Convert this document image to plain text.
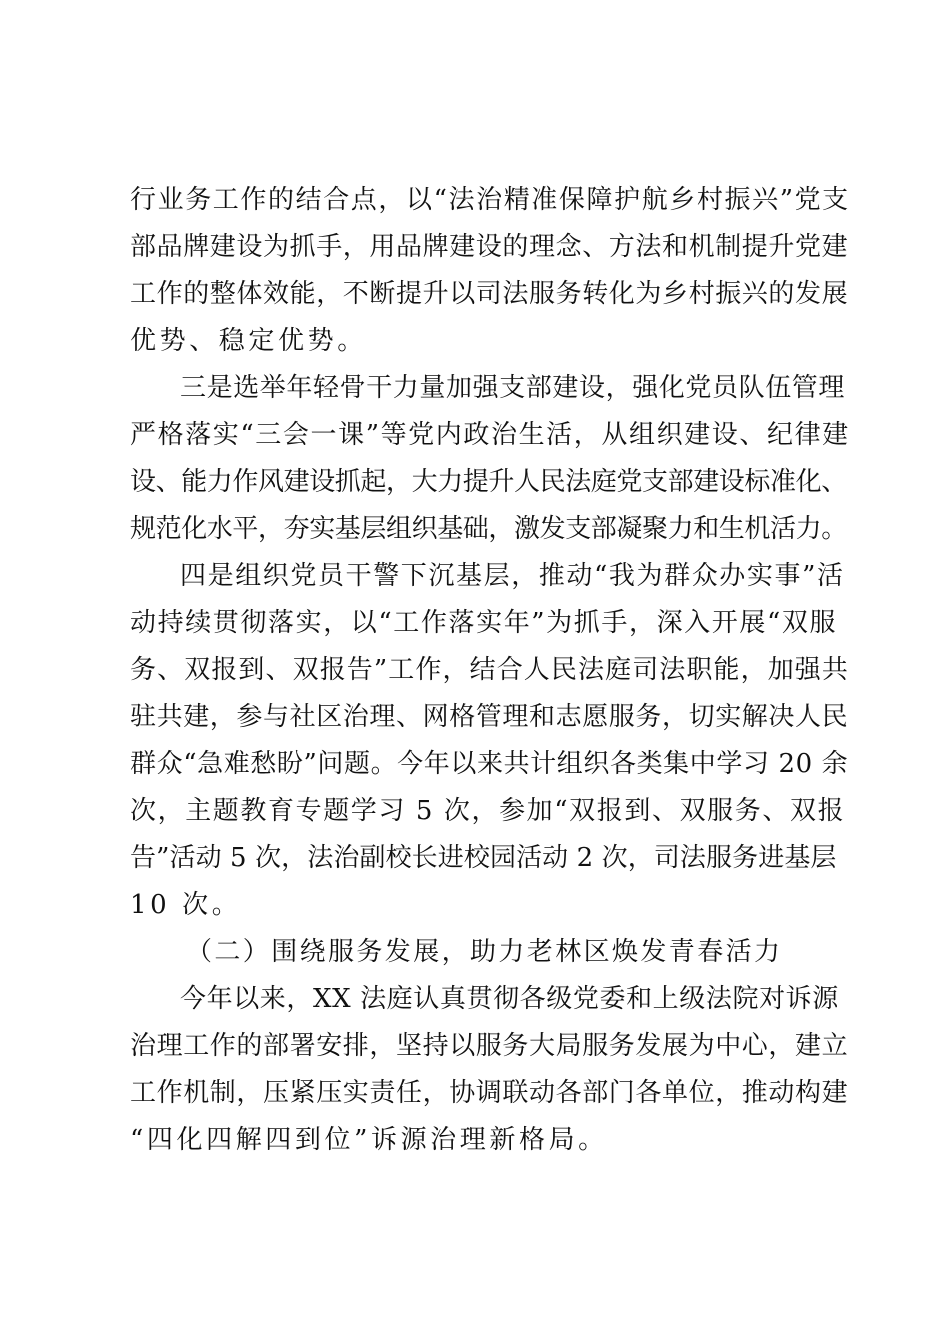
行业务工作的结合点，以“法治精准保障护航乡村振兴”党支
部品牌建设为抓手，用品牌建设的理念、方法和机制提升党建
工作的整体效能，不断提升以司法服务转化为乡村振兴的发展
优势、稳定优势。
三是选举年轻骨干力量加强支部建设，强化党员队伍管理
严格落实“三会一课”等党内政治生活，从组织建设、纪律建
设、能力作风建设抓起，大力提升人民法庭党支部建设标准化、
规范化水平，夯实基层组织基础，激发支部凝聚力和生机活力。
四是组织党员干警下沉基层，推动“我为群众办实事”活
动持续贯彻落实，以“工作落实年”为抓手，深入开展“双服
务、双报到、双报告”工作，结合人民法庭司法职能，加强共
驻共建，参与社区治理、网格管理和志愿服务，切实解决人民
群众“急难愁盼”问题。今年以来共计组织各类集中学习 20 余
次，主题教育专题学习 5 次，参加“双报到、双服务、双报
告”活动 5 次，法治副校长进校园活动 2 次，司法服务进基层
10 次。
（二）围绕服务发展，助力老林区焕发青春活力
今年以来，XX 法庭认真贯彻各级党委和上级法院对诉源
治理工作的部署安排，坚持以服务大局服务发展为中心，建立
工作机制，压紧压实责任，协调联动各部门各单位，推动构建
“四化四解四到位”诉源治理新格局。
